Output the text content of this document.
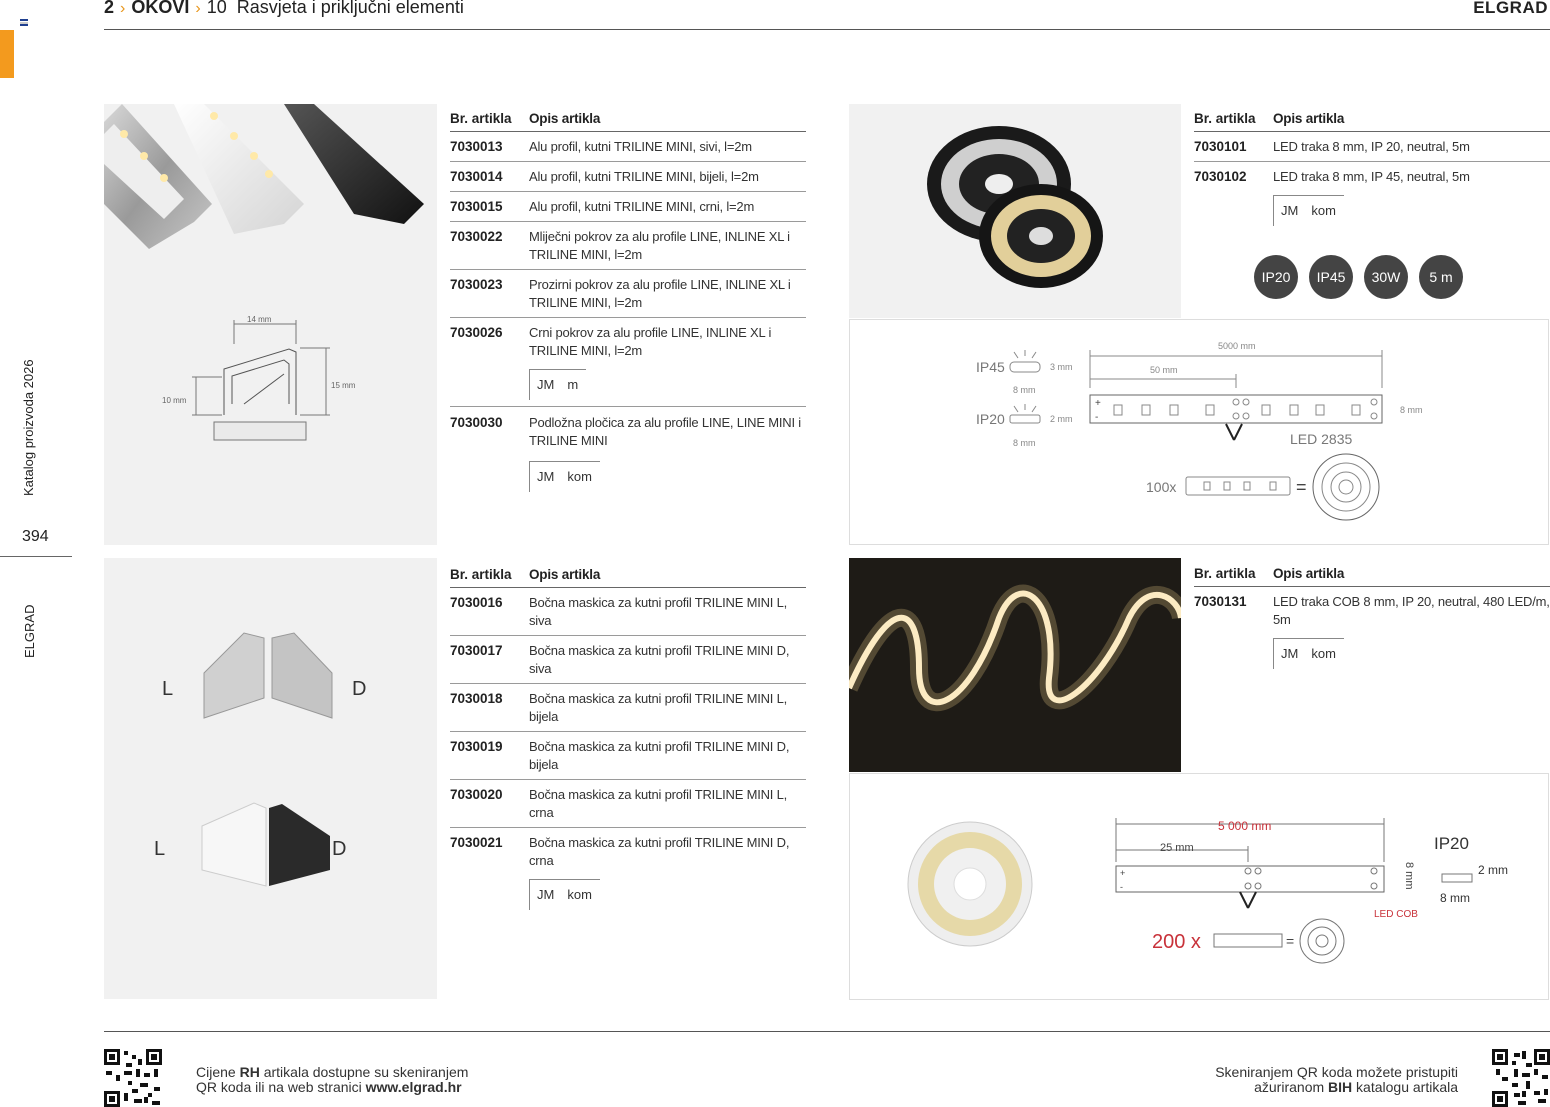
2 › OKOVI › 10 Rasvjeta i priključni elementi	ELGRAD
Katalog proizvoda 2026
394
ELGRAD
14 mm
10 mm
15 mm
Br. artikla	Opis artikla
7030013	Alu profil, kutni TRILINE MINI, sivi, l=2m
7030014	Alu profil, kutni TRILINE MINI, bijeli, l=2m
7030015	Alu profil, kutni TRILINE MINI, crni, l=2m
7030022	Mliječni pokrov za alu profile LINE, INLINE XL i TRILINE MINI, l=2m
7030023	Prozirni pokrov za alu profile LINE, INLINE XL i TRILINE MINI, l=2m
7030026	Crni pokrov za alu profile LINE, INLINE XL i TRILINE MINI, l=2m
JM m
7030030	Podložna pločica za alu profile LINE, LINE MINI i TRILINE MINI
JM kom
Br. artikla	Opis artikla
7030101	LED traka 8 mm, IP 20, neutral, 5m
7030102	LED traka 8 mm, IP 45, neutral, 5m
JM kom
IP20	IP45	30W	5 m
IP45
IP20
3 mm
2 mm
8 mm
8 mm
5000 mm
50 mm
8 mm
LED 2835
100x
+
-
=
L	D
L	D
Br. artikla	Opis artikla
7030016	Bočna maskica za kutni profil TRILINE MINI L, siva
7030017	Bočna maskica za kutni profil TRILINE MINI D, siva
7030018	Bočna maskica za kutni profil TRILINE MINI L, bijela
7030019	Bočna maskica za kutni profil TRILINE MINI D, bijela
7030020	Bočna maskica za kutni profil TRILINE MINI L, crna
7030021	Bočna maskica za kutni profil TRILINE MINI D, crna
JM kom
Br. artikla	Opis artikla
7030131	LED traka COB 8 mm, IP 20, neutral, 480 LED/m, 5m
JM kom
5 000 mm
25 mm
8 mm
LED COB
200 x
IP20
2 mm
8 mm
+
-
=
Cijene RH artikala dostupne su skeniranjem
QR koda ili na web stranici www.elgrad.hr
Skeniranjem QR koda možete pristupiti
ažuriranom BIH katalogu artikala
